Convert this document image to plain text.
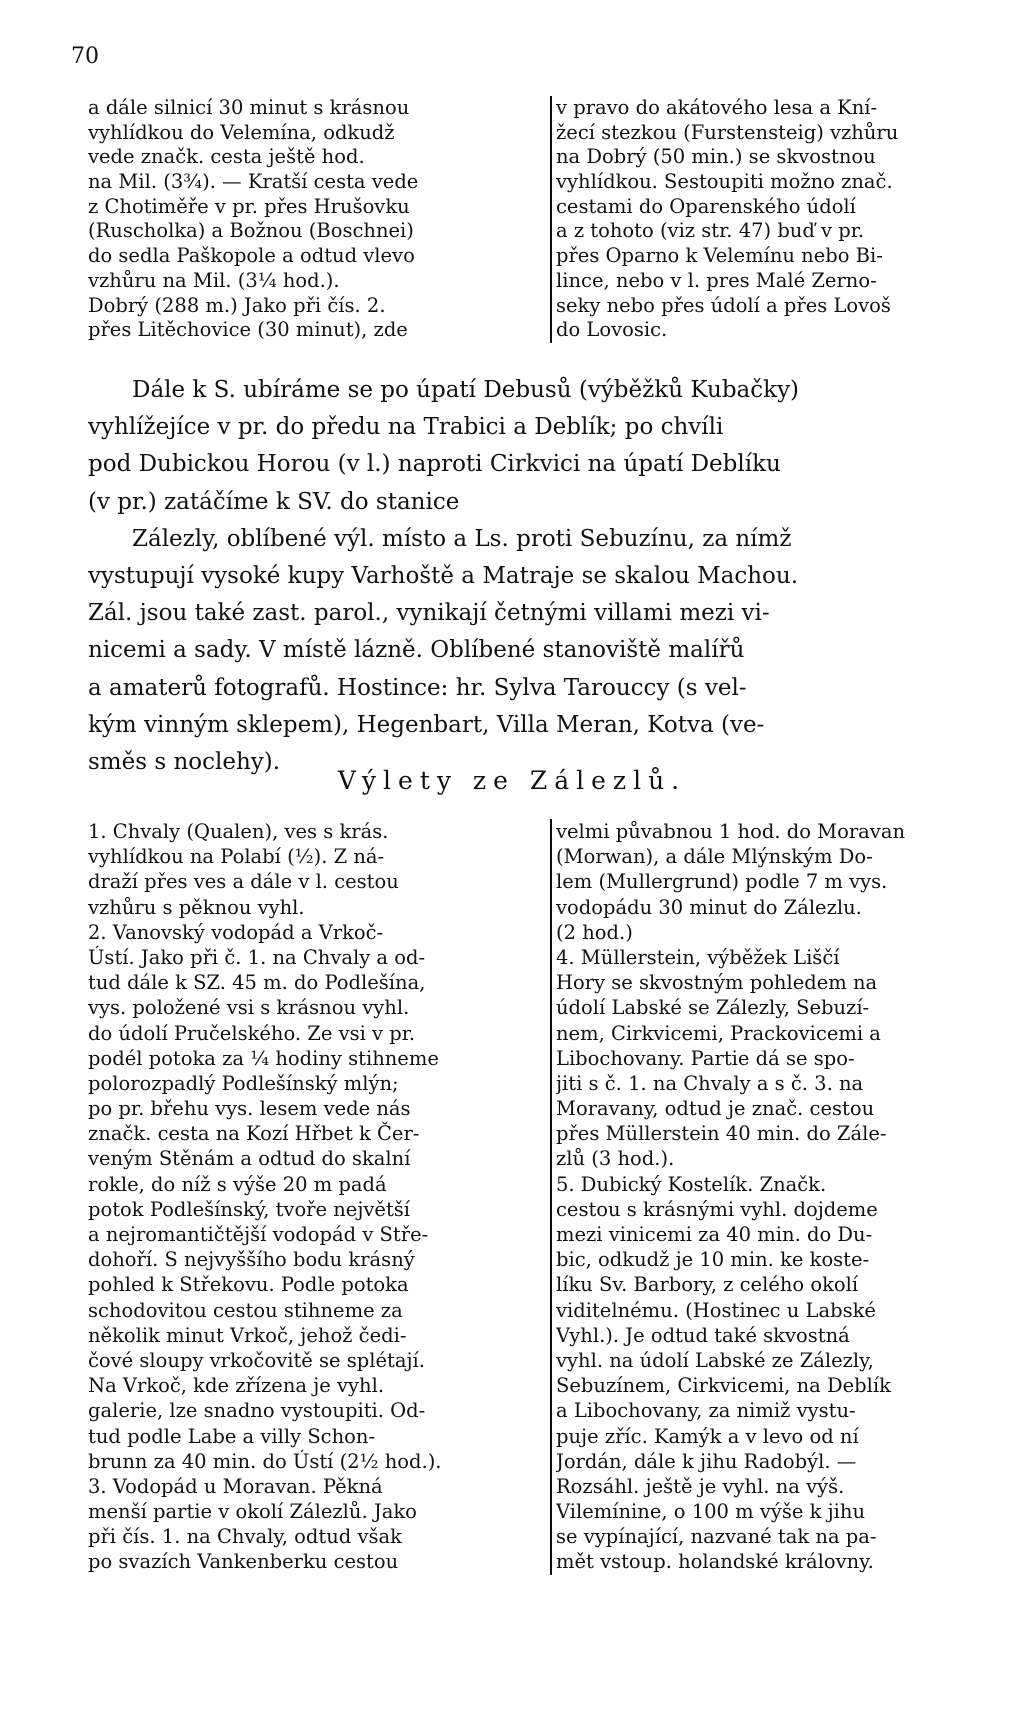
70
a dále silnicí 30 minut s krásnou
vyhlídkou do Velemína, odkudž
vede značk. cesta ještě hod.
na Mil. (3¾). — Kratší cesta vede
z Chotiměře v pr. přes Hrušovku
(Ruscholka) a Božnou (Boschnei)
do sedla Paškopole a odtud vlevo
vzhůru na Mil. (3¼ hod.).
Dobrý (288 m.) Jako při čís. 2.
přes Litěchovice (30 minut), zde
v pravo do akátového lesa a Kní-
žecí stezkou (Furstensteig) vzhůru
na Dobrý (50 min.) se skvostnou
vyhlídkou. Sestoupiti možno znač.
cestami do Oparenského údolí
a z tohoto (viz str. 47) buď v pr.
přes Oparno k Velemínu nebo Bi-
lince, nebo v l. pres Malé Zerno-
seky nebo přes údolí a přes Lovoš
do Lovosic.
Dále k S. ubíráme se po úpatí Debusů (výběžků Kubačky)
vyhlížejíce v pr. do předu na Trabici a Deblík; po chvíli
pod Dubickou Horou (v l.) naproti Cirkvici na úpatí Deblíku
(v pr.) zatáčíme k SV. do stanice
Zálezly, oblíbené výl. místo a Ls. proti Sebuzínu, za nímž
vystupují vysoké kupy Varhoště a Matraje se skalou Machou.
Zál. jsou také zast. parol., vynikají četnými villami mezi vi-
nicemi a sady. V místě lázně. Oblíbené stanoviště malířů
a amaterů fotografů. Hostince: hr. Sylva Tarouccy (s vel-
kým vinným sklepem), Hegenbart, Villa Meran, Kotva (ve-
směs s noclehy).
Výlety ze Zálezlů.
1. Chvaly (Qualen), ves s krás.
vyhlídkou na Polabí (½). Z ná-
draží přes ves a dále v l. cestou
vzhůru s pěknou vyhl.
2. Vanovský vodopád a Vrkoč-
Ústí. Jako při č. 1. na Chvaly a od-
tud dále k SZ. 45 m. do Podlešína,
vys. položené vsi s krásnou vyhl.
do údolí Pručelského. Ze vsi v pr.
podél potoka za ¼ hodiny stihneme
polorozpadlý Podlešínský mlýn;
po pr. břehu vys. lesem vede nás
značk. cesta na Kozí Hřbet k Čer-
veným Stěnám a odtud do skalní
rokle, do níž s výše 20 m padá
potok Podlešínský, tvoře největší
a nejromantičtější vodopád v Stře-
dohoří. S nejvyššího bodu krásný
pohled k Střekovu. Podle potoka
schodovitou cestou stihneme za
několik minut Vrkoč, jehož čedi-
čové sloupy vrkočovitě se splétají.
Na Vrkoč, kde zřízena je vyhl.
galerie, lze snadno vystoupiti. Od-
tud podle Labe a villy Schon-
brunn za 40 min. do Ústí (2½ hod.).
3. Vodopád u Moravan. Pěkná
menší partie v okolí Zálezlů. Jako
při čís. 1. na Chvaly, odtud však
po svazích Vankenberku cestou
velmi půvabnou 1 hod. do Moravan
(Morwan), a dále Mlýnským Do-
lem (Mullergrund) podle 7 m vys.
vodopádu 30 minut do Zálezlu.
(2 hod.)
4. Müllerstein, výběžek Liščí
Hory se skvostným pohledem na
údolí Labské se Zálezly, Sebuzí-
nem, Cirkvicemi, Prackovicemi a
Libochovany. Partie dá se spo-
jiti s č. 1. na Chvaly a s č. 3. na
Moravany, odtud je znač. cestou
přes Müllerstein 40 min. do Zále-
zlů (3 hod.).
5. Dubický Kostelík. Značk.
cestou s krásnými vyhl. dojdeme
mezi vinicemi za 40 min. do Du-
bic, odkudž je 10 min. ke koste-
líku Sv. Barbory, z celého okolí
viditelnému. (Hostinec u Labské
Vyhl.). Je odtud také skvostná
vyhl. na údolí Labské ze Zálezly,
Sebuzínem, Cirkvicemi, na Deblík
a Libochovany, za nimiž vystu-
puje zříc. Kamýk a v levo od ní
Jordán, dále k jihu Radobýl. —
Rozsáhl. ještě je vyhl. na výš.
Vilemínine, o 100 m výše k jihu
se vypínající, nazvané tak na pa-
mět vstoup. holandské královny.
